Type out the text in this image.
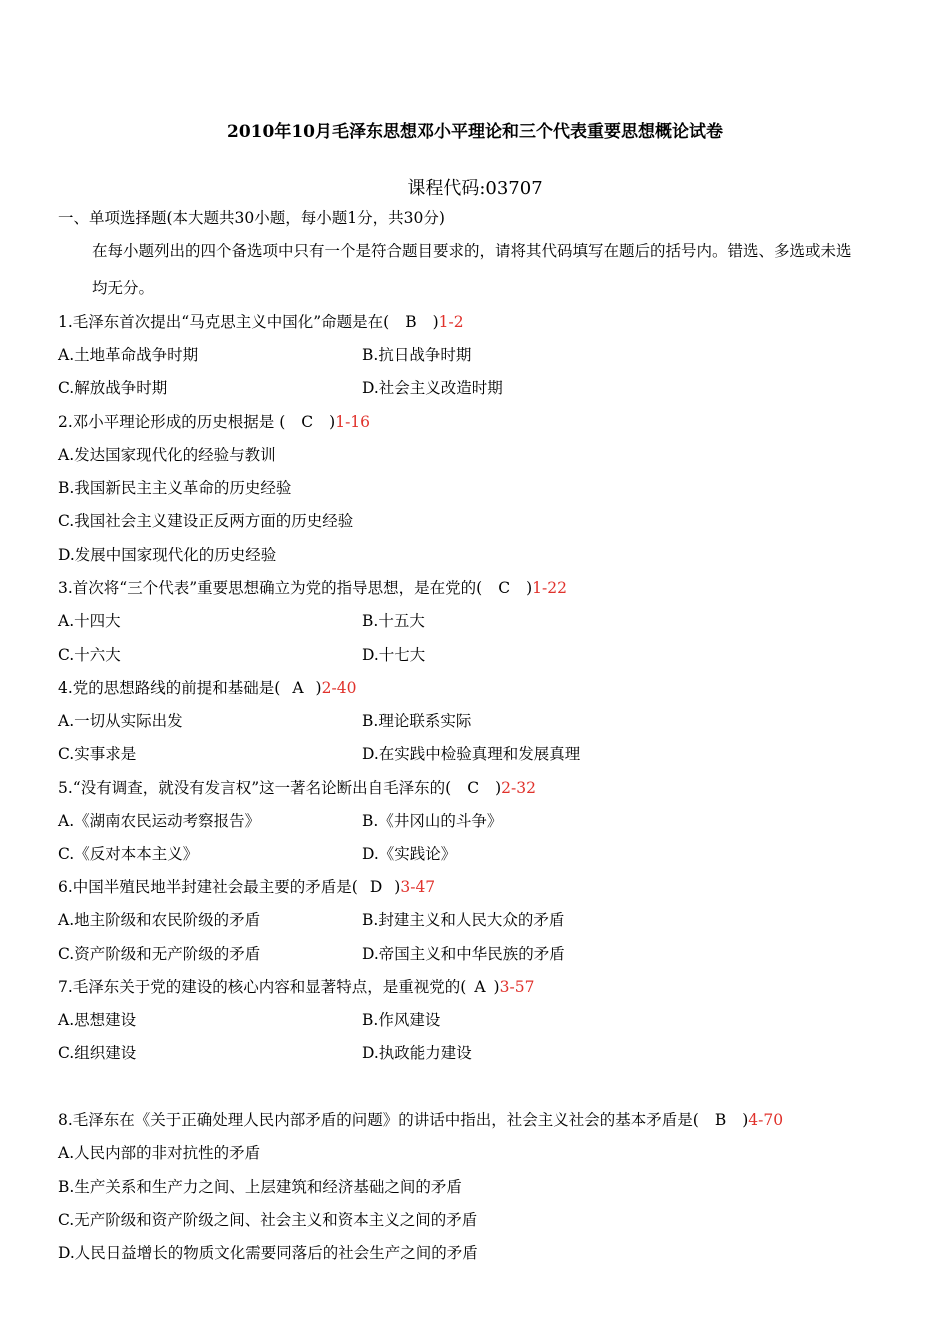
2010年10月毛泽东思想邓小平理论和三个代表重要思想概论试卷
课程代码:03707
一、单项选择题(本大题共30小题，每小题1分，共30分)
在每小题列出的四个备选项中只有一个是符合题目要求的，请将其代码填写在题后的括号内。错选、多选或未选
均无分。
1.毛泽东首次提出“马克思主义中国化”命题是在( B )1-2
A.土地革命战争时期	B.抗日战争时期
C.解放战争时期	D.社会主义改造时期
2.邓小平理论形成的历史根据是 ( C )1-16
A.发达国家现代化的经验与教训
B.我国新民主主义革命的历史经验
C.我国社会主义建设正反两方面的历史经验
D.发展中国家现代化的历史经验
3.首次将“三个代表”重要思想确立为党的指导思想，是在党的( C )1-22
A.十四大	B.十五大
C.十六大	D.十七大
4.党的思想路线的前提和基础是( A )2-40
A.一切从实际出发	B.理论联系实际
C.实事求是	D.在实践中检验真理和发展真理
5.“没有调查，就没有发言权”这一著名论断出自毛泽东的( C )2-32
A.《湖南农民运动考察报告》	B.《井冈山的斗争》
C.《反对本本主义》	D.《实践论》
6.中国半殖民地半封建社会最主要的矛盾是( D )3-47
A.地主阶级和农民阶级的矛盾	B.封建主义和人民大众的矛盾
C.资产阶级和无产阶级的矛盾	D.帝国主义和中华民族的矛盾
7.毛泽东关于党的建设的核心内容和显著特点，是重视党的( A )3-57
A.思想建设	B.作风建设
C.组织建设	D.执政能力建设
8.毛泽东在《关于正确处理人民内部矛盾的问题》的讲话中指出，社会主义社会的基本矛盾是( B )4-70
A.人民内部的非对抗性的矛盾
B.生产关系和生产力之间、上层建筑和经济基础之间的矛盾
C.无产阶级和资产阶级之间、社会主义和资本主义之间的矛盾
D.人民日益增长的物质文化需要同落后的社会生产之间的矛盾
